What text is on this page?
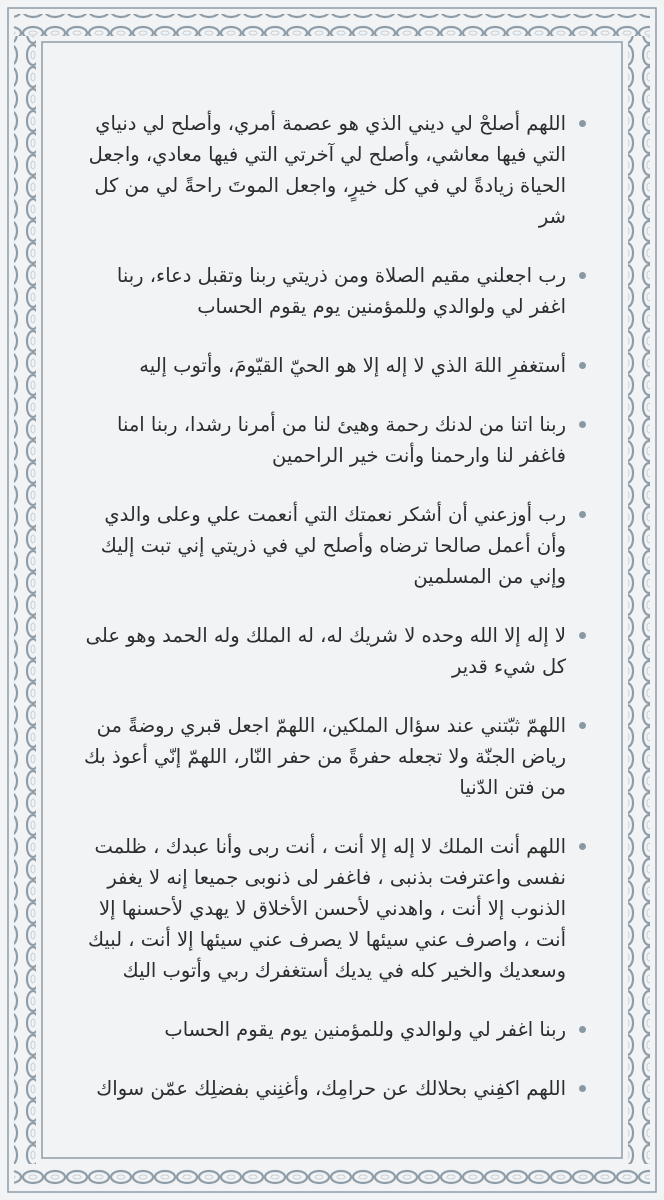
اللهم أصلحْ لي ديني الذي هو عصمة أمري، وأصلح لي دنياي التي فيها معاشي، وأصلح لي آخرتي التي فيها معادي، واجعل الحياة زيادةً لي في كل خيرٍ، واجعل الموتَ راحةً لي من كل شر
رب اجعلني مقيم الصلاة ومن ذريتي ربنا وتقبل دعاء، ربنا اغفر لي ولوالدي وللمؤمنين يوم يقوم الحساب
أستغفرِ اللهَ الذي لا إله إلا هو الحيّ القيّومَ، وأتوب إليه
ربنا اتنا من لدنك رحمة وهيئ لنا من أمرنا رشدا، ربنا امنا فاغفر لنا وارحمنا وأنت خير الراحمين
رب أوزعني أن أشكر نعمتك التي أنعمت علي وعلى والدي وأن أعمل صالحا ترضاه وأصلح لي في ذريتي إني تبت إليك وإني من المسلمين
لا إله إلا الله وحده لا شريك له، له الملك وله الحمد وهو على كل شيء قدير
اللهمّ ثبّتني عند سؤال الملكين، اللهمّ اجعل قبري روضةً من رياض الجنّة ولا تجعله حفرةً من حفر النّار، اللهمّ إنّي أعوذ بك من فتن الدّنيا
اللهم أنت الملك لا إله إلا أنت ، أنت ربى وأنا عبدك ، ظلمت نفسى واعترفت بذنبى ، فاغفر لى ذنوبى جميعا إنه لا يغفر الذنوب إلا أنت ، واهدني لأحسن الأخلاق لا يهدي لأحسنها إلا أنت ، واصرف عني سيئها لا يصرف عني سيئها إلا أنت ، لبيك وسعديك والخير كله في يديك أستغفرك ربي وأتوب اليك
ربنا اغفر لي ولوالدي وللمؤمنين يوم يقوم الحساب
اللهم اكفِني بحلالك عن حرامِك، وأغنِني بفضلِك عمّن سواك
